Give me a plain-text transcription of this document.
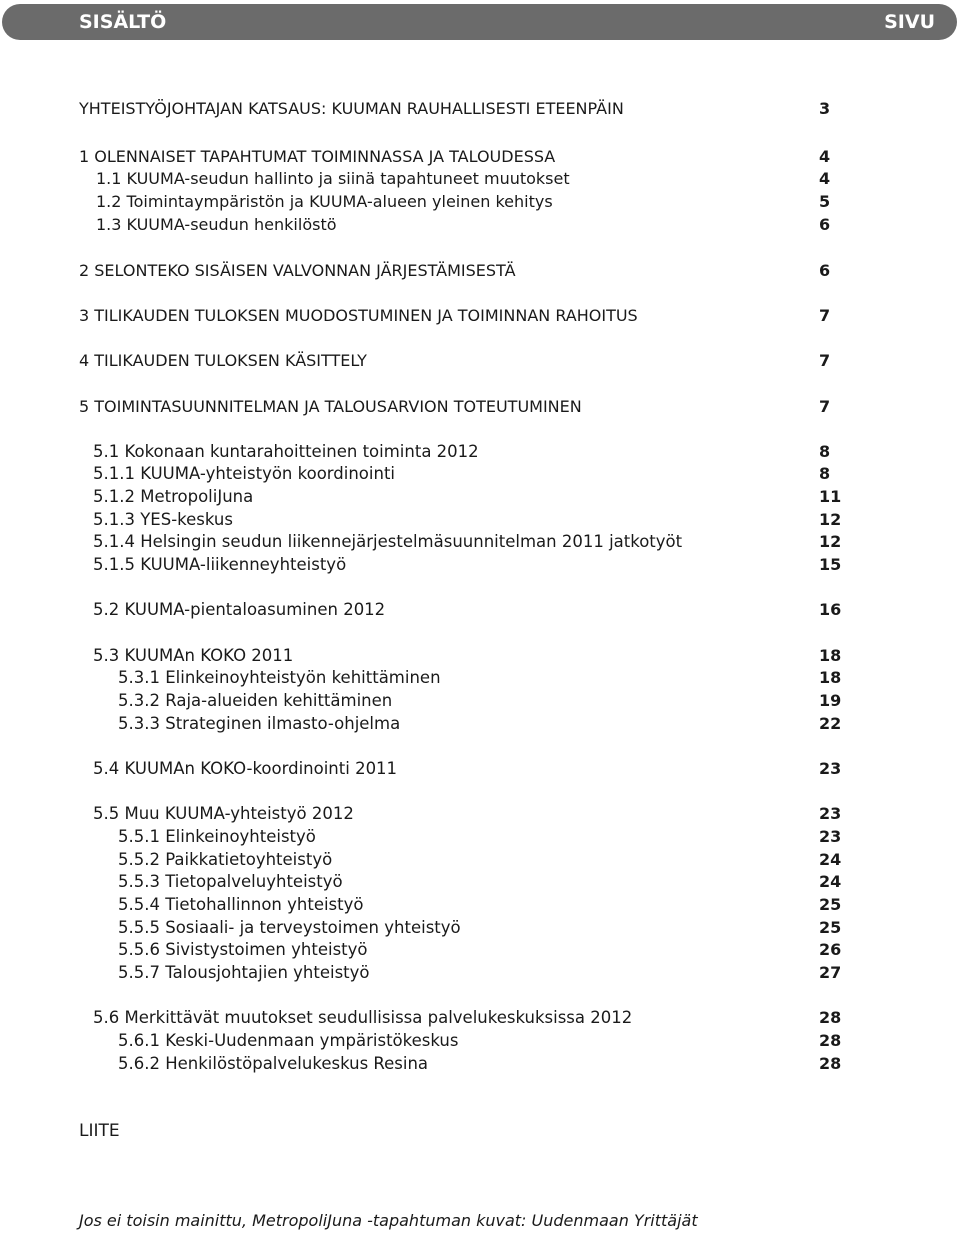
SISÄLTÖ	SIVU
YHTEISTYÖJOHTAJAN KATSAUS: KUUMAN RAUHALLISESTI ETEENPÄIN	3
1 OLENNAISET TAPAHTUMAT TOIMINNASSA JA TALOUDESSA	4
1.1 KUUMA-seudun hallinto ja siinä tapahtuneet muutokset	4
1.2 Toimintaympäristön ja KUUMA-alueen yleinen kehitys	5
1.3 KUUMA-seudun henkilöstö	6
2 SELONTEKO SISÄISEN VALVONNAN JÄRJESTÄMISESTÄ	6
3 TILIKAUDEN TULOKSEN MUODOSTUMINEN JA TOIMINNAN RAHOITUS	7
4 TILIKAUDEN TULOKSEN KÄSITTELY	7
5 TOIMINTASUUNNITELMAN JA TALOUSARVION TOTEUTUMINEN	7
5.1 Kokonaan kuntarahoitteinen toiminta 2012	8
5.1.1 KUUMA-yhteistyön koordinointi	8
5.1.2 MetropoliJuna	11
5.1.3 YES-keskus	12
5.1.4 Helsingin seudun liikennejärjestelmäsuunnitelman 2011 jatkotyöt	12
5.1.5 KUUMA-liikenneyhteistyö	15
5.2 KUUMA-pientaloasuminen 2012	16
5.3 KUUMAn KOKO 2011	18
5.3.1 Elinkeinoyhteistyön kehittäminen	18
5.3.2 Raja-alueiden kehittäminen	19
5.3.3 Strateginen ilmasto-ohjelma	22
5.4 KUUMAn KOKO-koordinointi 2011	23
5.5 Muu KUUMA-yhteistyö 2012	23
5.5.1 Elinkeinoyhteistyö	23
5.5.2 Paikkatietoyhteistyö	24
5.5.3 Tietopalveluyhteistyö	24
5.5.4 Tietohallinnon yhteistyö	25
5.5.5 Sosiaali- ja terveystoimen yhteistyö	25
5.5.6 Sivistystoimen yhteistyö	26
5.5.7 Talousjohtajien yhteistyö	27
5.6 Merkittävät muutokset seudullisissa palvelukeskuksissa 2012	28
5.6.1 Keski-Uudenmaan ympäristökeskus	28
5.6.2 Henkilöstöpalvelukeskus Resina	28
LIITE
Jos ei toisin mainittu, MetropoliJuna -tapahtuman kuvat: Uudenmaan Yrittäjät
